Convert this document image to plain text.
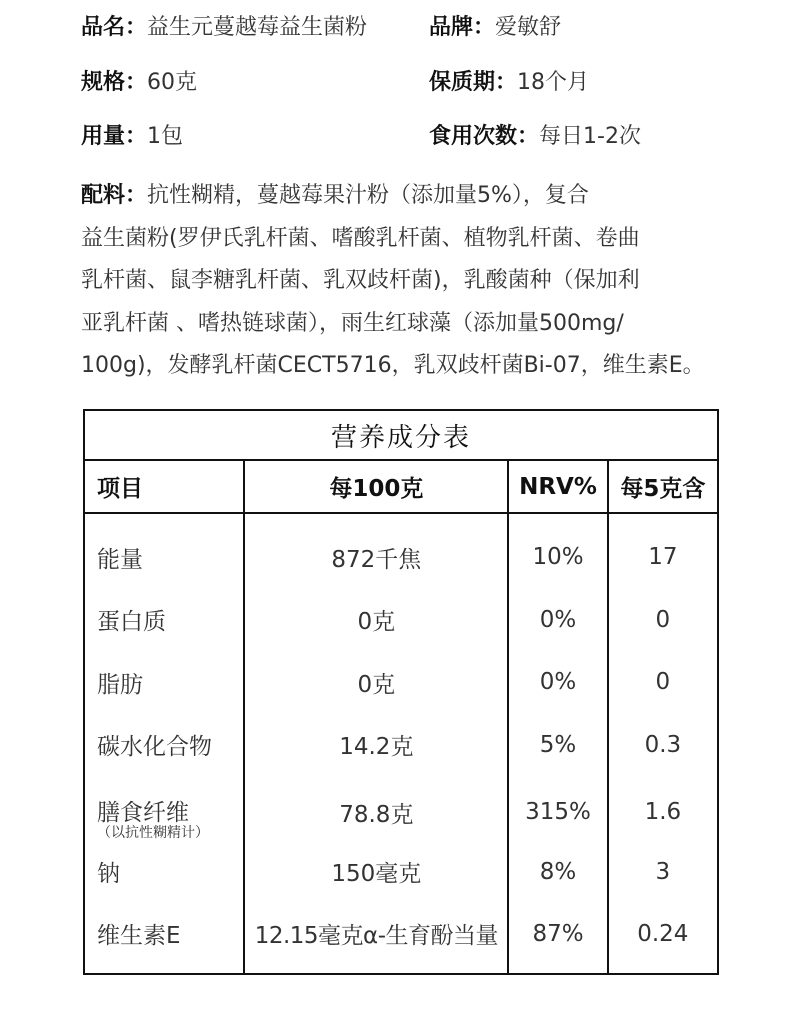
品名：益生元蔓越莓益生菌粉	品牌：爱敏舒
规格：60克	保质期：18个月
用量：1包	食用次数：每日1-2次
配料：抗性糊精，蔓越莓果汁粉（添加量5%），复合
益生菌粉(罗伊氏乳杆菌、嗜酸乳杆菌、植物乳杆菌、卷曲
乳杆菌、鼠李糖乳杆菌、乳双歧杆菌)，乳酸菌种（保加利
亚乳杆菌 、嗜热链球菌），雨生红球藻（添加量500mg/
100g)，发酵乳杆菌CECT5716，乳双歧杆菌Bi-07，维生素E。
营养成分表			
项目	每100克	NRV%	每5克含

能量	872千焦	10%	17
蛋白质	0克	0%	0
脂肪	0克	0%	0
碳水化合物	14.2克	5%	0.3
膳食纤维
（以抗性糊精计）	78.8克	315%	1.6
钠	150毫克	8%	3
维生素E	12.15毫克α-生育酚当量	87%	0.24
